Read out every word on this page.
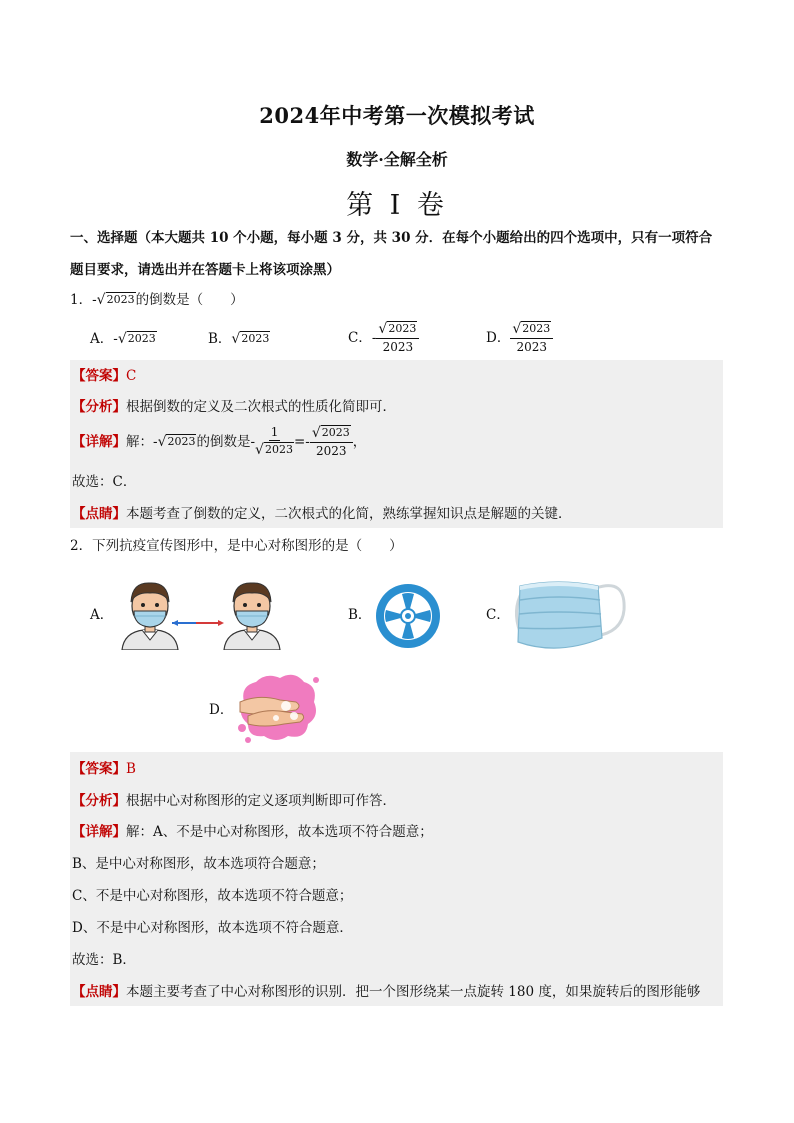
2024年中考第一次模拟考试
数学·全解全析
第 I 卷
一、选择题（本大题共 10 个小题，每小题 3 分，共 30 分．在每个小题给出的四个选项中，只有一项符合
题目要求，请选出并在答题卡上将该项涂黑）
1． - √ 2023 的倒数是（　　）
A． - √ 2023	B． √ 2023	C． - $\frac{√ 2023}{2023}$	D． $\frac{√ 2023}{2023}$
【答案】C
【分析】根据倒数的定义及二次根式的性质化简即可．
【详解】 解：- √ 2023 的倒数是- $\frac{1}{√ 2023} =- \frac{√ 2023}{2023}$ ，
故选：C．
【点睛】本题考查了倒数的定义，二次根式的化简，熟练掌握知识点是解题的关键．
2．下列抗疫宣传图形中，是中心对称图形的是（　　）
A．	B．	C．
D．
【答案】B
【分析】根据中心对称图形的定义逐项判断即可作答．
【详解】解：A、不是中心对称图形，故本选项不符合题意；
B、是中心对称图形，故本选项符合题意；
C、不是中心对称图形，故本选项不符合题意；
D、不是中心对称图形，故本选项不符合题意．
故选：B．
【点睛】本题主要考查了中心对称图形的识别．把一个图形绕某一点旋转 180 度，如果旋转后的图形能够
